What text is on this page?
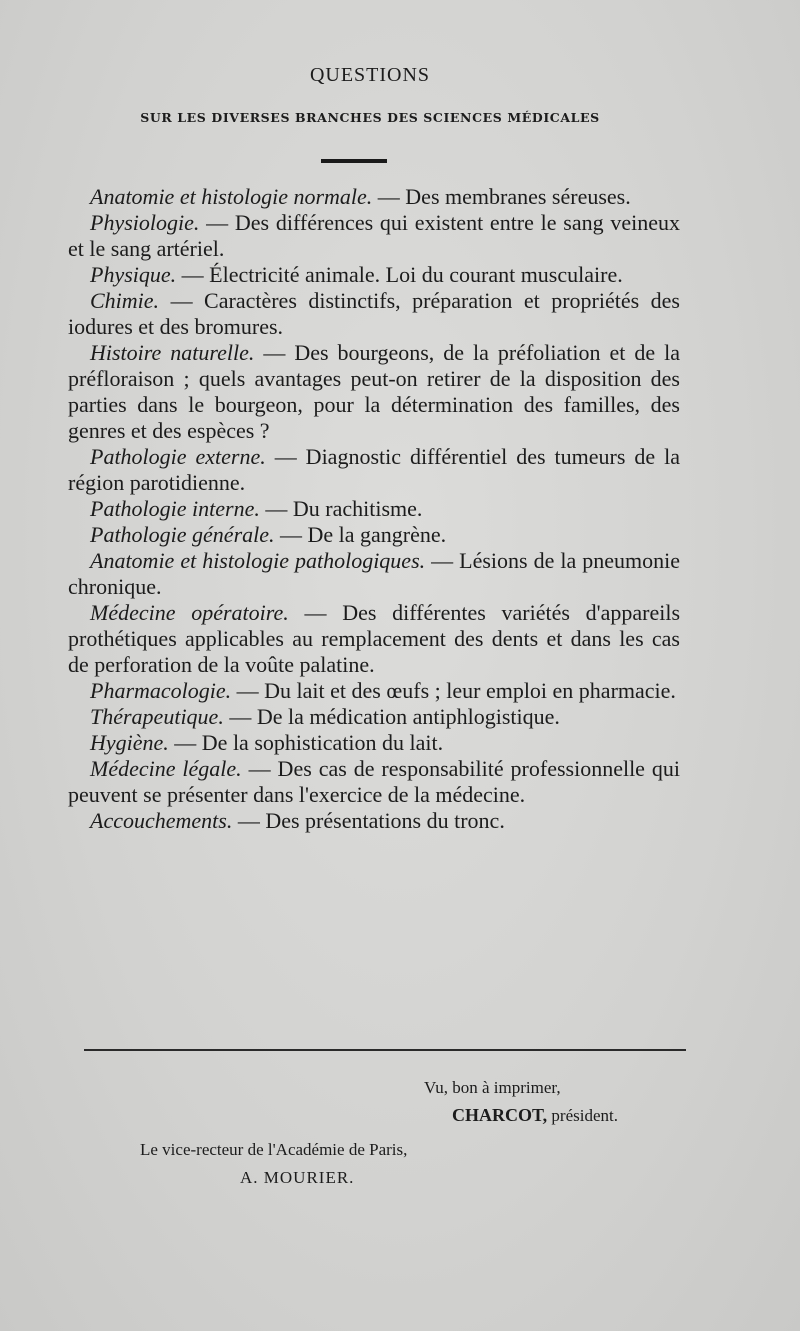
QUESTIONS
SUR LES DIVERSES BRANCHES DES SCIENCES MÉDICALES

Anatomie et histologie normale. — Des membranes séreuses.

Physiologie. — Des différences qui existent entre le sang veineux et le sang artériel.

Physique. — Électricité animale. Loi du courant musculaire.

Chimie. — Caractères distinctifs, préparation et propriétés des iodures et des bromures.

Histoire naturelle. — Des bourgeons, de la préfoliation et de la préfloraison ; quels avantages peut-on retirer de la disposition des parties dans le bourgeon, pour la détermination des familles, des genres et des espèces ?

Pathologie externe. — Diagnostic différentiel des tumeurs de la région parotidienne.

Pathologie interne. — Du rachitisme.

Pathologie générale. — De la gangrène.

Anatomie et histologie pathologiques. — Lésions de la pneumonie chronique.

Médecine opératoire. — Des différentes variétés d'appareils prothétiques applicables au remplacement des dents et dans les cas de perforation de la voûte palatine.

Pharmacologie. — Du lait et des œufs ; leur emploi en pharmacie.

Thérapeutique. — De la médication antiphlogistique.

Hygiène. — De la sophistication du lait.

Médecine légale. — Des cas de responsabilité professionnelle qui peuvent se présenter dans l'exercice de la médecine.

Accouchements. — Des présentations du tronc.

Vu, bon à imprimer,
CHARCOT, président.
Le vice-recteur de l'Académie de Paris,
A. MOURIER.
